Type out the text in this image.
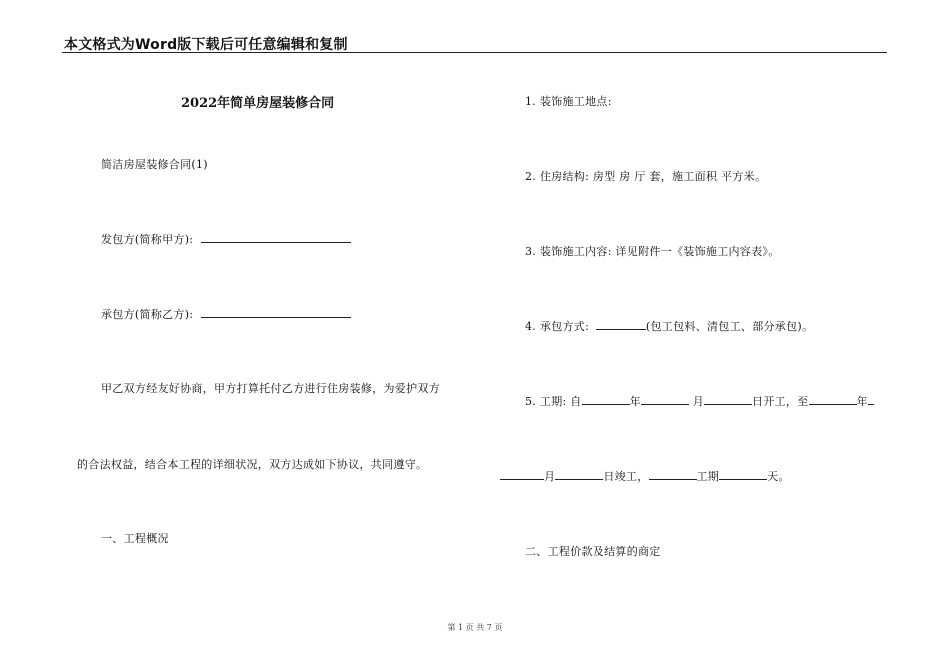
本文格式为Word版下载后可任意编辑和复制
2022年简单房屋装修合同
简洁房屋装修合同(1)
发包方(简称甲方):
承包方(简称乙方):
甲乙双方经友好协商，甲方打算托付乙方进行住房装修，为爱护双方
的合法权益，结合本工程的详细状况，双方达成如下协议，共同遵守。
一、工程概况
1. 装饰施工地点:
2. 住房结构: 房型 房 厅 套，施工面积 平方米。
3. 装饰施工内容: 详见附件一《装饰施工内容表》。
4. 承包方式:	(包工包料、清包工、部分承包)。
5. 工期: 自	年	月	日开工，至	年
月	日竣工，	工期	天。
二、工程价款及结算的商定
第 1 页 共 7 页
